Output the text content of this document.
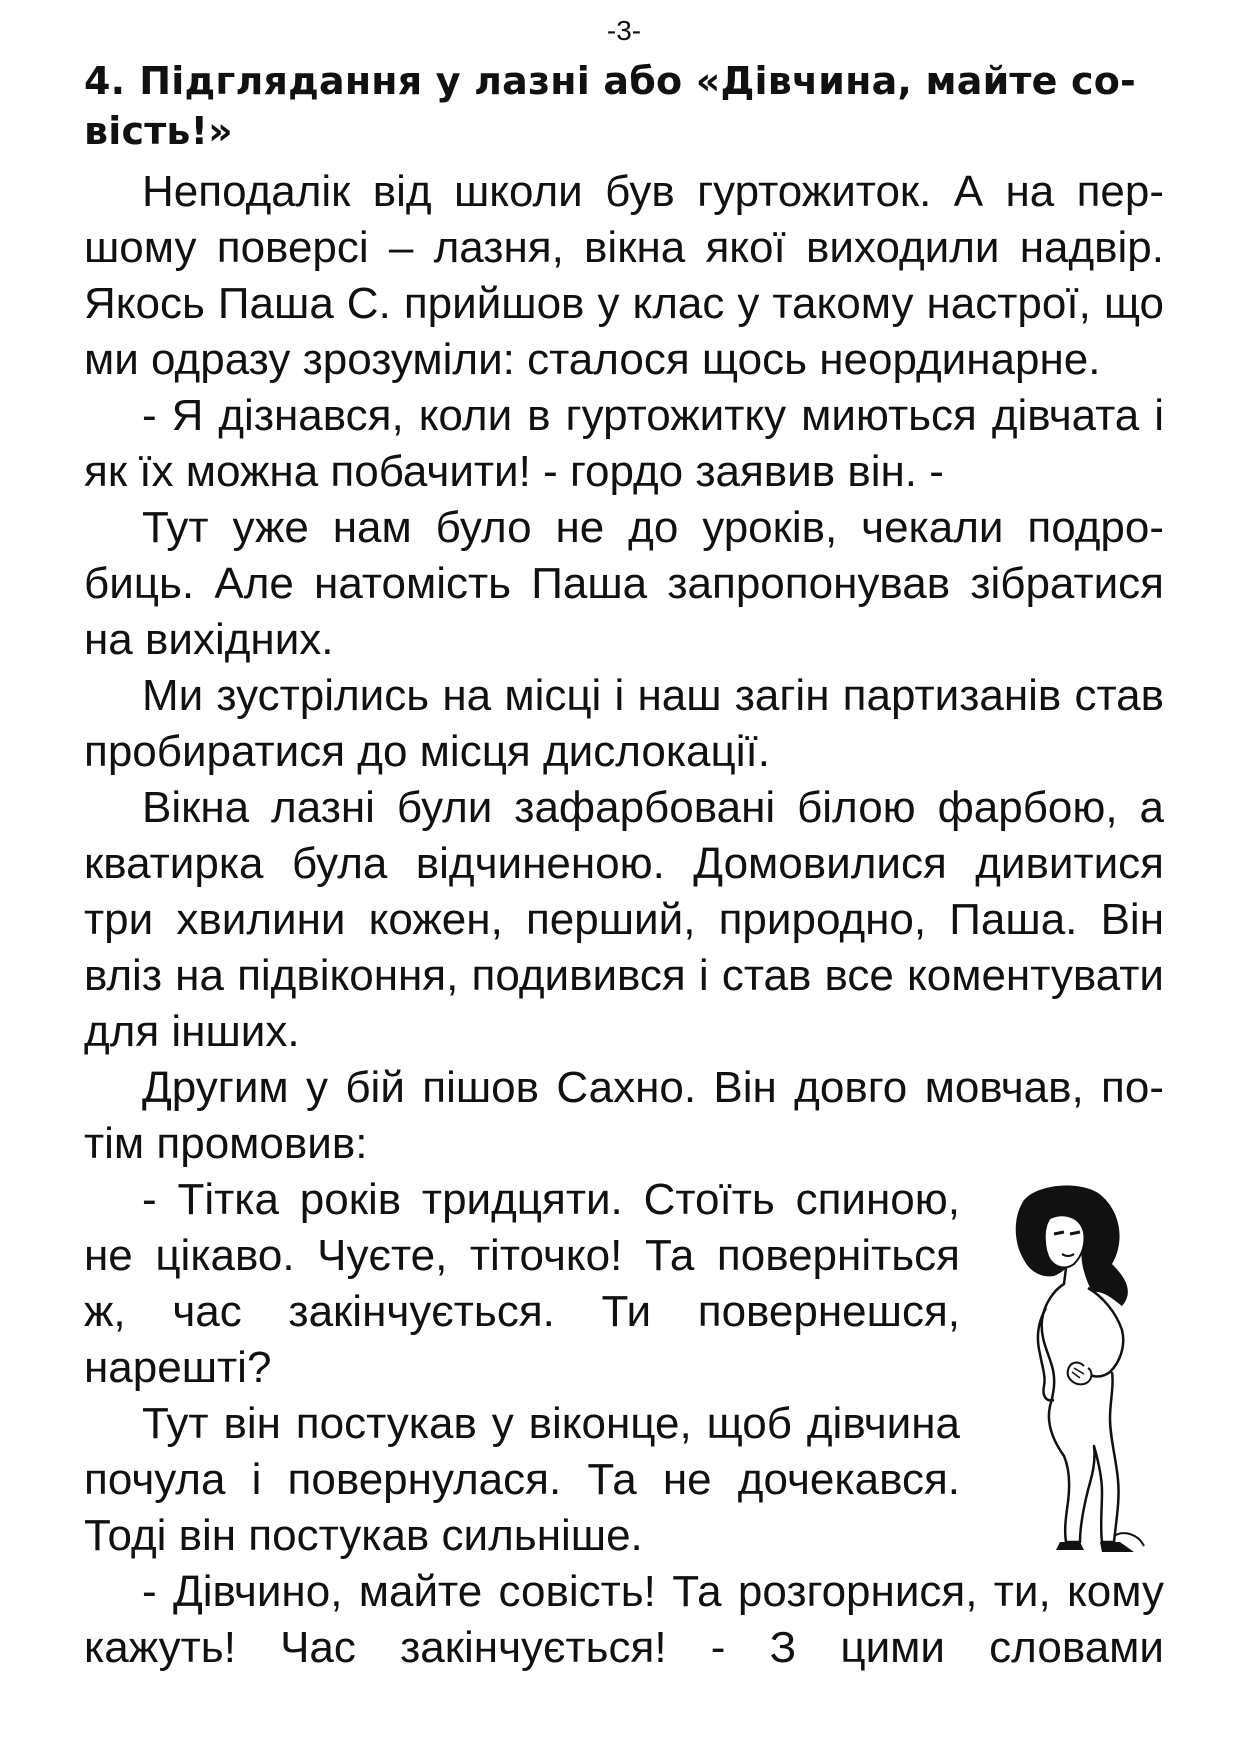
-3-
4. Підглядання у лазні або «Дівчина, майте со-
вість!»

Неподалік від школи був гуртожиток. А на першому поверсі – лазня, вікна якої виходили надвір. Якось Паша С. прийшов у клас у такому настрої, що ми одразу зрозуміли: сталося щось неординарне.

- Я дізнався, коли в гуртожитку миються дівчата і як їх можна побачити! - гордо заявив він. -

Тут уже нам було не до уроків, чекали подробиць. Але натомість Паша запропонував зібратися на вихідних.

Ми зустрілись на місці і наш загін партизанів став пробиратися до місця дислокації.

Вікна лазні були зафарбовані білою фарбою, а кватирка була відчиненою. Домовилися дивитися три хвилини кожен, перший, природно, Паша. Він вліз на підвіконня, подивився і став все коментувати для інших.

Другим у бій пішов Сахно. Він довго мовчав, потім промовив:

- Тітка років тридцяти. Стоїть спиною, не цікаво. Чуєте, тіточко! Та поверніться ж, час закінчується. Ти повернешся, нарешті?

Тут він постукав у віконце, щоб дівчина почула і повернулася. Та не дочекався. Тоді він постукав сильніше.

- Дівчино, майте совість! Та розгорнися, ти, кому кажуть! Час закінчується! - З цими словами
